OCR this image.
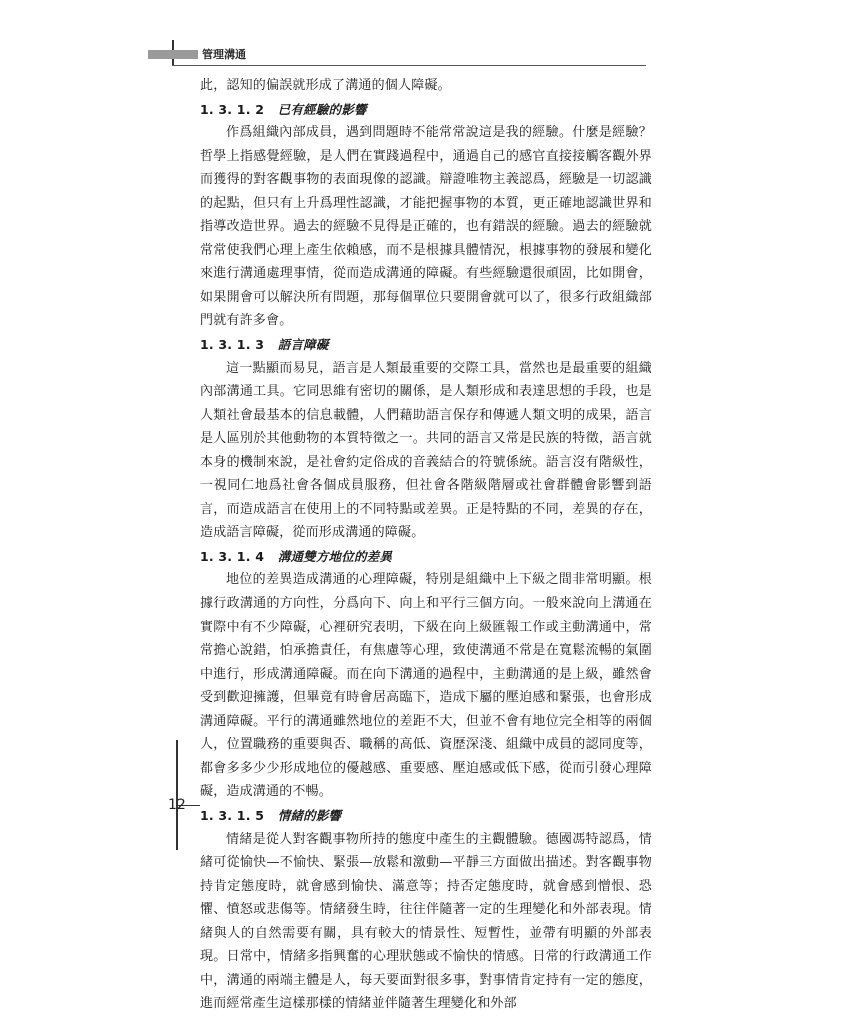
管理溝通

此，認知的偏誤就形成了溝通的個人障礙。

1. 3. 1. 2 已有經驗的影響

作爲組織內部成員，遇到問題時不能常常說這是我的經驗。什麼是經驗？哲學上指感覺經驗，是人們在實踐過程中，通過自己的感官直接接觸客觀外界而獲得的對客觀事物的表面現像的認識。辯證唯物主義認爲，經驗是一切認識的起點，但只有上升爲理性認識，才能把握事物的本質，更正確地認識世界和指導改造世界。過去的經驗不見得是正確的，也有錯誤的經驗。過去的經驗就常常使我們心理上產生依賴感，而不是根據具體情況，根據事物的發展和變化來進行溝通處理事情，從而造成溝通的障礙。有些經驗還很頑固，比如開會，如果開會可以解決所有問題，那每個單位只要開會就可以了，很多行政組織部門就有許多會。

1. 3. 1. 3 語言障礙

這一點顯而易見，語言是人類最重要的交際工具，當然也是最重要的組織內部溝通工具。它同思維有密切的關係，是人類形成和表達思想的手段，也是人類社會最基本的信息載體，人們藉助語言保存和傳遞人類文明的成果，語言是人區別於其他動物的本質特徵之一。共同的語言又常是民族的特徵，語言就本身的機制來說，是社會約定俗成的音義結合的符號係統。語言沒有階級性，一視同仁地爲社會各個成員服務，但社會各階級階層或社會群體會影響到語言，而造成語言在使用上的不同特點或差異。正是特點的不同，差異的存在，造成語言障礙，從而形成溝通的障礙。

1. 3. 1. 4 溝通雙方地位的差異

地位的差異造成溝通的心理障礙，特別是組織中上下級之間非常明顯。根據行政溝通的方向性，分爲向下、向上和平行三個方向。一般來說向上溝通在實際中有不少障礙，心裡研究表明，下級在向上級匯報工作或主動溝通中，常常擔心說錯，怕承擔責任，有焦慮等心理，致使溝通不常是在寬鬆流暢的氣圍中進行，形成溝通障礙。而在向下溝通的過程中，主動溝通的是上級，雖然會受到歡迎擁護，但畢竟有時會居高臨下，造成下屬的壓迫感和緊張，也會形成溝通障礙。平行的溝通雖然地位的差距不大，但並不會有地位完全相等的兩個人，位置職務的重要與否、職稱的高低、資歷深淺、組織中成員的認同度等，都會多多少少形成地位的優越感、重要感、壓迫感或低下感，從而引發心理障礙，造成溝通的不暢。

1. 3. 1. 5 情緒的影響

情緒是從人對客觀事物所持的態度中產生的主觀體驗。德國馮特認爲，情緒可從愉快—不愉快、緊張—放鬆和激動—平靜三方面做出描述。對客觀事物持肯定態度時，就會感到愉快、滿意等；持否定態度時，就會感到憎恨、恐懼、憤怒或悲傷等。情緒發生時，往往伴隨著一定的生理變化和外部表現。情緒與人的自然需要有關，具有較大的情景性、短暫性，並帶有明顯的外部表現。日常中，情緒多指興奮的心理狀態或不愉快的情感。日常的行政溝通工作中，溝通的兩端主體是人，每天要面對很多事，對事情肯定持有一定的態度，進而經常產生這樣那樣的情緒並伴隨著生理變化和外部

12
